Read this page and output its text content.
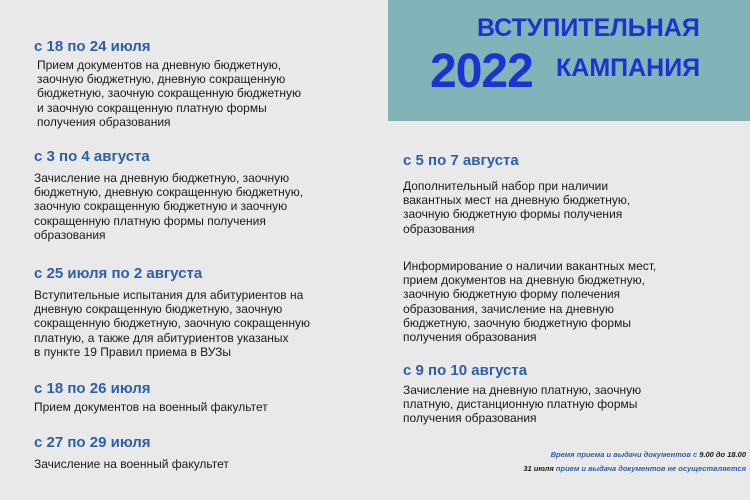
ВСТУПИТЕЛЬНАЯ
2022 КАМПАНИЯ

с 18 по 24 июля

Прием документов на дневную бюджетную,
заочную бюджетную, дневную сокращенную
бюджетную, заочную сокращенную бюджетную
и заочную сокращенную платную формы
получения образования

с 3 по 4 августа

Зачисление на дневную бюджетную, заочную
бюджетную, дневную сокращенную бюджетную,
заочную сокращенную бюджетную и заочную
сокращенную платную формы получения
образования

с 25 июля по 2 августа

Вступительные испытания для абитуриентов на
дневную сокращенную бюджетную, заочную
сокращенную бюджетную, заочную сокращенную
платную, а также для абитуриентов указаных
в пункте 19 Правил приема в ВУЗы

с 18 по 26 июля

Прием документов на военный факультет

с 27 по 29 июля

Зачисление на военный факультет

с 5 по 7 августа

Дополнительный набор при наличии
вакантных мест на дневную бюджетную,
заочную бюджетную формы получения
образования

Информирование о наличии вакантных мест,
прием документов на дневную бюджетную,
заочную бюджетную форму полечения
образования, зачисление на дневную
бюджетную, заочную бюджетную формы
получения образования

с 9 по 10 августа

Зачисление на дневную платную, заочную
платную, дистанционную платную формы
получения образования

Время приема и выдачи документов с 9.00 до 18.00
31 июля прием и выдача документов не осуществляется
